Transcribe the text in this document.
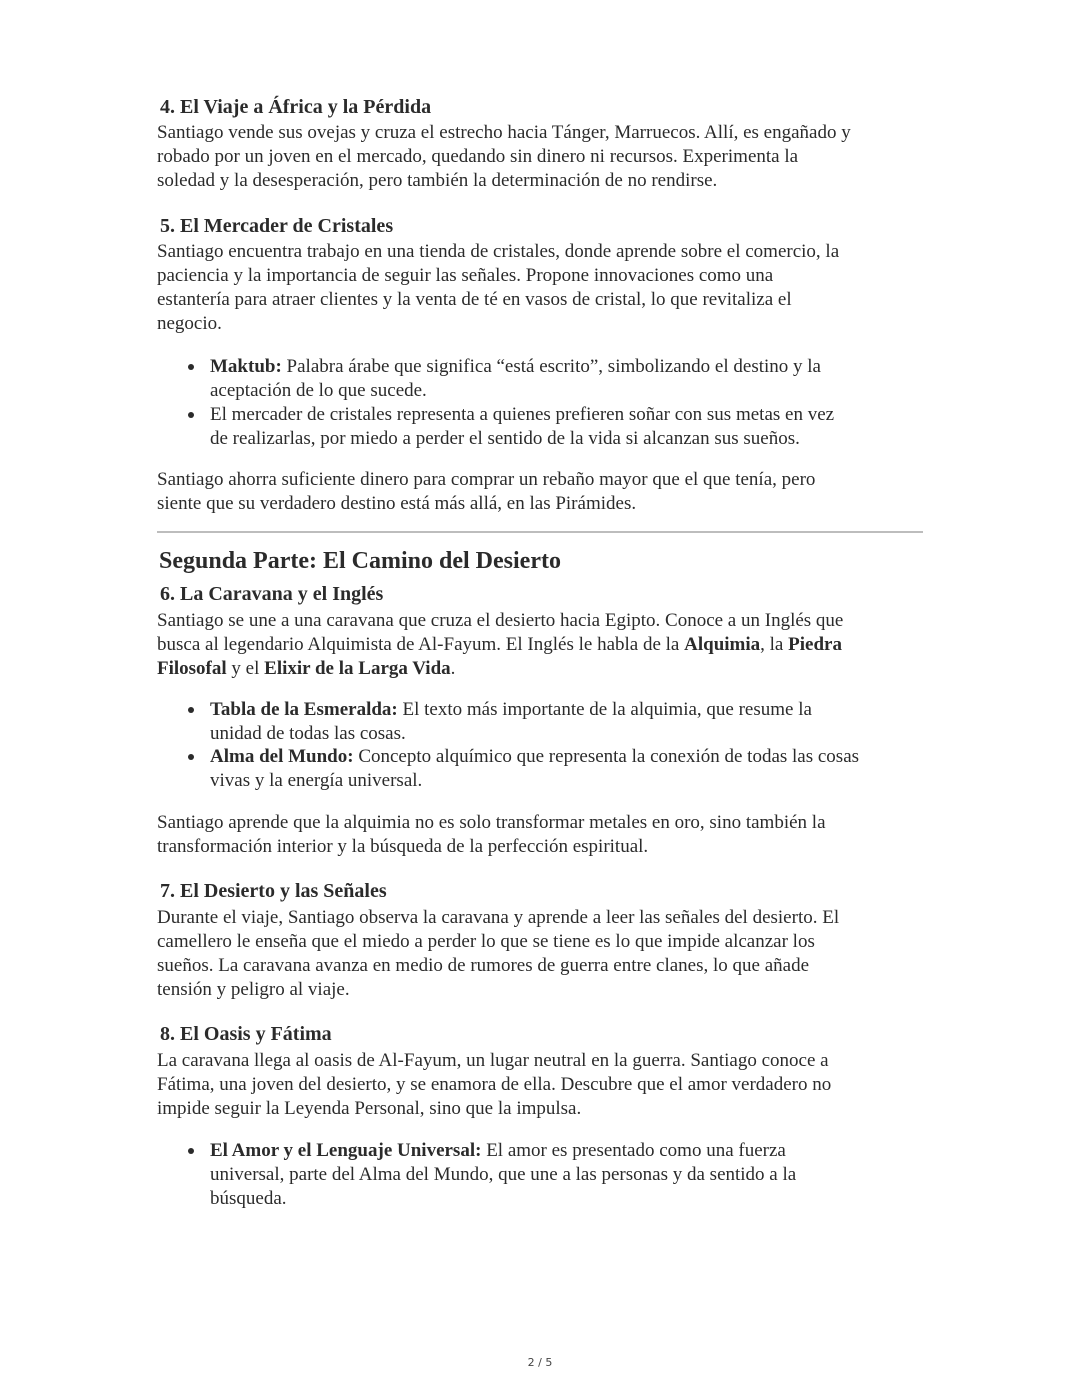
4. El Viaje a África y la Pérdida
Santiago vende sus ovejas y cruza el estrecho hacia Tánger, Marruecos. Allí, es engañado y
robado por un joven en el mercado, quedando sin dinero ni recursos. Experimenta la
soledad y la desesperación, pero también la determinación de no rendirse.
5. El Mercader de Cristales
Santiago encuentra trabajo en una tienda de cristales, donde aprende sobre el comercio, la
paciencia y la importancia de seguir las señales. Propone innovaciones como una
estantería para atraer clientes y la venta de té en vasos de cristal, lo que revitaliza el
negocio.
Maktub: Palabra árabe que significa “está escrito”, simbolizando el destino y la
aceptación de lo que sucede.
El mercader de cristales representa a quienes prefieren soñar con sus metas en vez
de realizarlas, por miedo a perder el sentido de la vida si alcanzan sus sueños.
Santiago ahorra suficiente dinero para comprar un rebaño mayor que el que tenía, pero
siente que su verdadero destino está más allá, en las Pirámides.
Segunda Parte: El Camino del Desierto
6. La Caravana y el Inglés
Santiago se une a una caravana que cruza el desierto hacia Egipto. Conoce a un Inglés que
busca al legendario Alquimista de Al-Fayum. El Inglés le habla de la Alquimia, la Piedra
Filosofal y el Elixir de la Larga Vida.
Tabla de la Esmeralda: El texto más importante de la alquimia, que resume la
unidad de todas las cosas.
Alma del Mundo: Concepto alquímico que representa la conexión de todas las cosas
vivas y la energía universal.
Santiago aprende que la alquimia no es solo transformar metales en oro, sino también la
transformación interior y la búsqueda de la perfección espiritual.
7. El Desierto y las Señales
Durante el viaje, Santiago observa la caravana y aprende a leer las señales del desierto. El
camellero le enseña que el miedo a perder lo que se tiene es lo que impide alcanzar los
sueños. La caravana avanza en medio de rumores de guerra entre clanes, lo que añade
tensión y peligro al viaje.
8. El Oasis y Fátima
La caravana llega al oasis de Al-Fayum, un lugar neutral en la guerra. Santiago conoce a
Fátima, una joven del desierto, y se enamora de ella. Descubre que el amor verdadero no
impide seguir la Leyenda Personal, sino que la impulsa.
El Amor y el Lenguaje Universal: El amor es presentado como una fuerza
universal, parte del Alma del Mundo, que une a las personas y da sentido a la
búsqueda.
2 / 5
